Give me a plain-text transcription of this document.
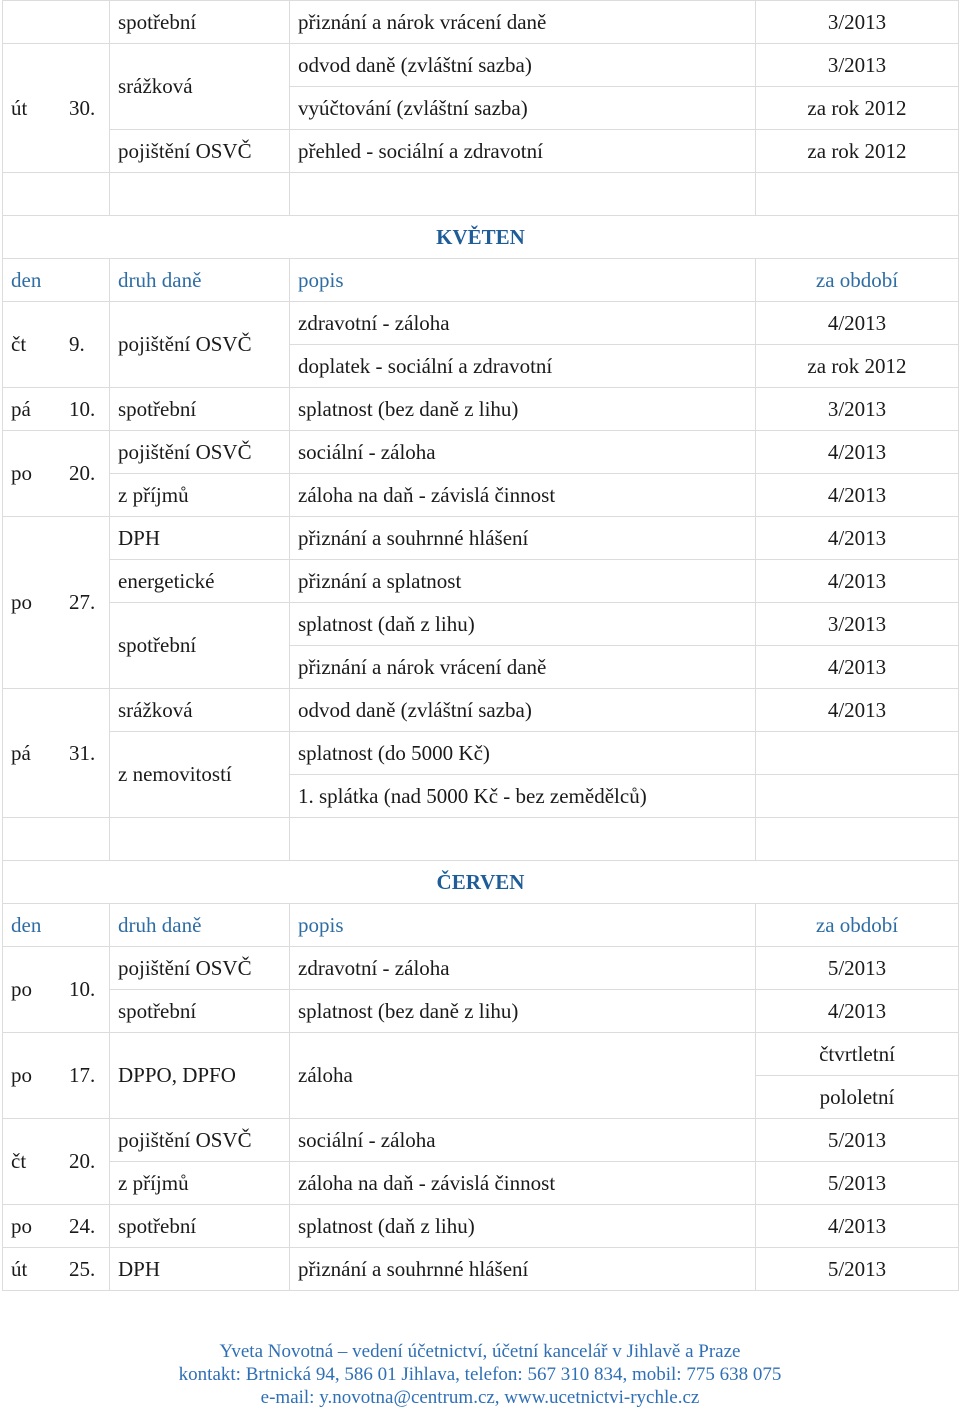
	spotřební	přiznání a nárok vrácení daně	3/2013
út 30.	srážková	odvod daně (zvláštní sazba)	3/2013
		vyúčtování (zvláštní sazba)	za rok 2012
	pojištění OSVČ	přehled - sociální a zdravotní	za rok 2012

KVĚTEN			
den	druh daně	popis	za období
čt 9.	pojištění OSVČ	zdravotní - záloha	4/2013
		doplatek - sociální a zdravotní	za rok 2012
pá 10.	spotřební	splatnost (bez daně z lihu)	3/2013
po 20.	pojištění OSVČ	sociální - záloha	4/2013
	z příjmů	záloha na daň - závislá činnost	4/2013
po 27.	DPH	přiznání a souhrnné hlášení	4/2013
	energetické	přiznání a splatnost	4/2013
	spotřební	splatnost (daň z lihu)	3/2013
		přiznání a nárok vrácení daně	4/2013
pá 31.	srážková	odvod daně (zvláštní sazba)	4/2013
	z nemovitostí	splatnost (do 5000 Kč)	
		1. splátka (nad 5000 Kč - bez zemědělců)	

ČERVEN			
den	druh daně	popis	za období
po 10.	pojištění OSVČ	zdravotní - záloha	5/2013
	spotřební	splatnost (bez daně z lihu)	4/2013
po 17.	DPPO, DPFO	záloha	čtvrtletní
			pololetní
čt 20.	pojištění OSVČ	sociální - záloha	5/2013
	z příjmů	záloha na daň - závislá činnost	5/2013
po 24.	spotřební	splatnost (daň z lihu)	4/2013
út 25.	DPH	přiznání a souhrnné hlášení	5/2013
Yveta Novotná – vedení účetnictví, účetní kancelář v Jihlavě a Praze
kontakt: Brtnická 94, 586 01 Jihlava, telefon: 567 310 834, mobil: 775 638 075
e-mail: y.novotna@centrum.cz, www.ucetnictvi-rychle.cz
